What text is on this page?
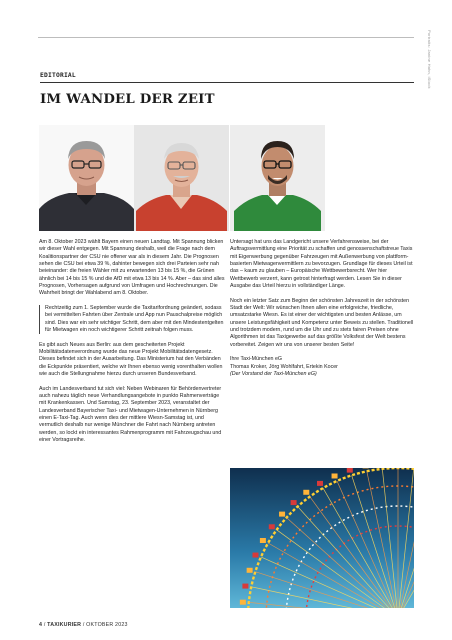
Portraits: Janine Hahn, iStock
EDITORIAL
IM WANDEL DER ZEIT

Am 8. Oktober 2023 wählt Bayern einen neuen Landtag. Mit Spannung blicken wir dieser Wahl entgegen. Mit Spannung deshalb, weil die Frage nach dem Koalitionspartner der CSU nie offener war als in diesem Jahr. Die Prognosen sehen die CSU bei etwa 39 %, dahinter bewegen sich drei Parteien sehr nah beieinander: die freien Wähler mit zu erwartenden 13 bis 15 %, die Grünen ähnlich bei 14 bis 15 % und die AfD mit etwa 13 bis 14 %. Aber – das sind alles Prognosen, Vorhersagen aufgrund von Umfragen und Hochrechnungen. Die Wahrheit bringt der Wahlabend am 8. Oktober.

Rechtzeitig zum 1. September wurde die Taxitarifordnung geändert, sodass bei vermittelten Fahrten über Zentrale und App nun Pauschalpreise möglich sind. Dies war ein sehr wichtiger Schritt, dem aber mit den Mindestentgelten für Mietwagen ein noch wichtigerer Schritt zeitnah folgen muss.

Es gibt auch Neues aus Berlin: aus dem gescheiterten Projekt Mobilitätsdatenverordnung wurde das neue Projekt Mobilitätsdatengesetz. Dieses befindet sich in der Ausarbeitung. Das Ministerium hat den Verbänden die Eckpunkte präsentiert, welche wir Ihnen ebenso wenig vorenthalten wollen wie auch die Stellungnahme hierzu durch unseren Bundesverband.

Auch im Landesverband tut sich viel: Neben Webinaren für Behördenvertreter auch nahezu täglich neue Verhandlungsangebote in punkto Rahmenverträge mit Krankenkassen. Und Samstag, 23. September 2023, veranstaltet der Landesverband Bayerischer Taxi- und Mietwagen-Unternehmen in Nürnberg einen E-Taxi-Tag. Auch wenn dies der mittlere Wiesn-Samstag ist, und vermutlich deshalb nur wenige Münchner die Fahrt nach Nürnberg antreten werden, so lockt ein interessantes Rahmenprogramm mit Fahrzeugschau und einer Vortragsreihe.

Untersagt hat uns das Landgericht unsere Verfahrensweise, bei der Auftragsvermittlung eine Priorität zu schaffen und genossenschaftstreue Taxis mit Eigenwerbung gegenüber Fahrzeugen mit Außenwerbung von plattform-basierten Mietwagenvermittlern zu bevorzugen. Grundlage für dieses Urteil ist das – kaum zu glauben – Europäische Wettbewerbsrecht. Wer hier Wettbewerb verzerrt, kann getrost hinterfragt werden. Lesen Sie in dieser Ausgabe das Urteil hierzu in vollständiger Länge.

Noch ein letzter Satz zum Beginn der schönsten Jahreszeit in der schönsten Stadt der Welt: Wir wünschen Ihnen allen eine erfolgreiche, friedliche, umsatzstarke Wiesn. Es ist einer der wichtigsten und besten Anlässe, um unsere Leistungsfähigkeit und Kompetenz unter Beweis zu stellen. Traditionell und trotzdem modern, rund um die Uhr und zu stets fairen Preisen ohne Algorithmen ist das Taxigewerbe auf das größte Volksfest der Welt bestens vorbereitet. Zeigen wir uns von unserer besten Seite!

Ihre Taxi-München eG
Thomas Kroker, Jörg Wohlfahrt, Ertekin Kocer
(Der Vorstand der Taxi-München eG)
4 / TAXIKURIER / OKTOBER 2023
